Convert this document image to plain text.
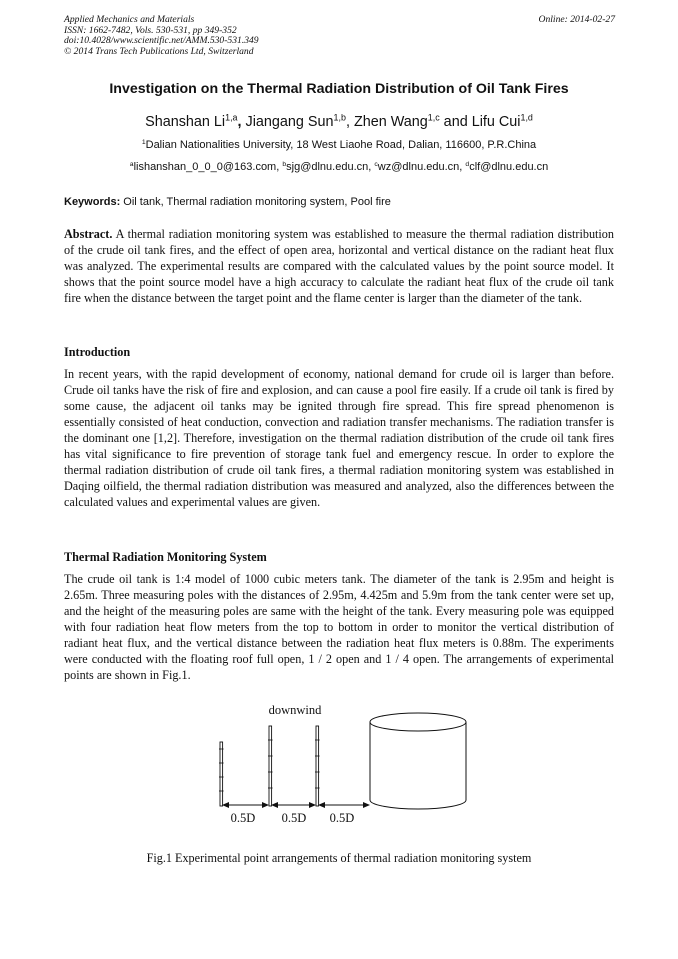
Applied Mechanics and Materials
ISSN: 1662-7482, Vols. 530-531, pp 349-352
doi:10.4028/www.scientific.net/AMM.530-531.349
© 2014 Trans Tech Publications Ltd, Switzerland
Online: 2014-02-27
Investigation on the Thermal Radiation Distribution of Oil Tank Fires
Shanshan Li$^{1,a}$, Jiangang Sun$^{1,b}$, Zhen Wang$^{1,c}$ and Lifu Cui$^{1,d}$
$^1$Dalian Nationalities University, 18 West Liaohe Road, Dalian, 116600, P.R.China
$^a$lishanshan_0_0_0@163.com, $^b$sjg@dlnu.edu.cn, $^c$wz@dlnu.edu.cn, $^d$clf@dlnu.edu.cn
Keywords: Oil tank, Thermal radiation monitoring system, Pool fire
Abstract. A thermal radiation monitoring system was established to measure the thermal radiation distribution of the crude oil tank fires, and the effect of open area, horizontal and vertical distance on the radiant heat flux was analyzed. The experimental results are compared with the calculated values by the point source model. It shows that the point source model have a high accuracy to calculate the radiant heat flux of the crude oil tank fire when the distance between the target point and the flame center is larger than the diameter of the tank.
Introduction
In recent years, with the rapid development of economy, national demand for crude oil is larger than before. Crude oil tanks have the risk of fire and explosion, and can cause a pool fire easily. If a crude oil tank is fired by some cause, the adjacent oil tanks may be ignited through fire spread. This fire spread phenomenon is essentially consisted of heat conduction, convection and radiation transfer mechanisms. The radiation transfer is the dominant one [1,2]. Therefore, investigation on the thermal radiation distribution of the crude oil tank fires has vital significance to fire prevention of storage tank fuel and emergency rescue. In order to explore the thermal radiation distribution of crude oil tank fires, a thermal radiation monitoring system was established in Daqing oilfield, the thermal radiation distribution was measured and analyzed, also the differences between the calculated values and experimental values are given.
Thermal Radiation Monitoring System
The crude oil tank is 1:4 model of 1000 cubic meters tank. The diameter of the tank is 2.95m and height is 2.65m. Three measuring poles with the distances of 2.95m, 4.425m and 5.9m from the tank center were set up, and the height of the measuring poles are same with the height of the tank. Every measuring pole was equipped with four radiation heat flow meters from the top to bottom in order to monitor the vertical distribution of radiant heat flux, and the vertical distance between the radiation heat flux meters is 0.88m. The experiments were conducted with the floating roof full open, 1 / 2 open and 1 / 4 open. The arrangements of experimental points are shown in Fig.1.
downwind
0.5D 0.5D 0.5D
Fig.1 Experimental point arrangements of thermal radiation monitoring system
